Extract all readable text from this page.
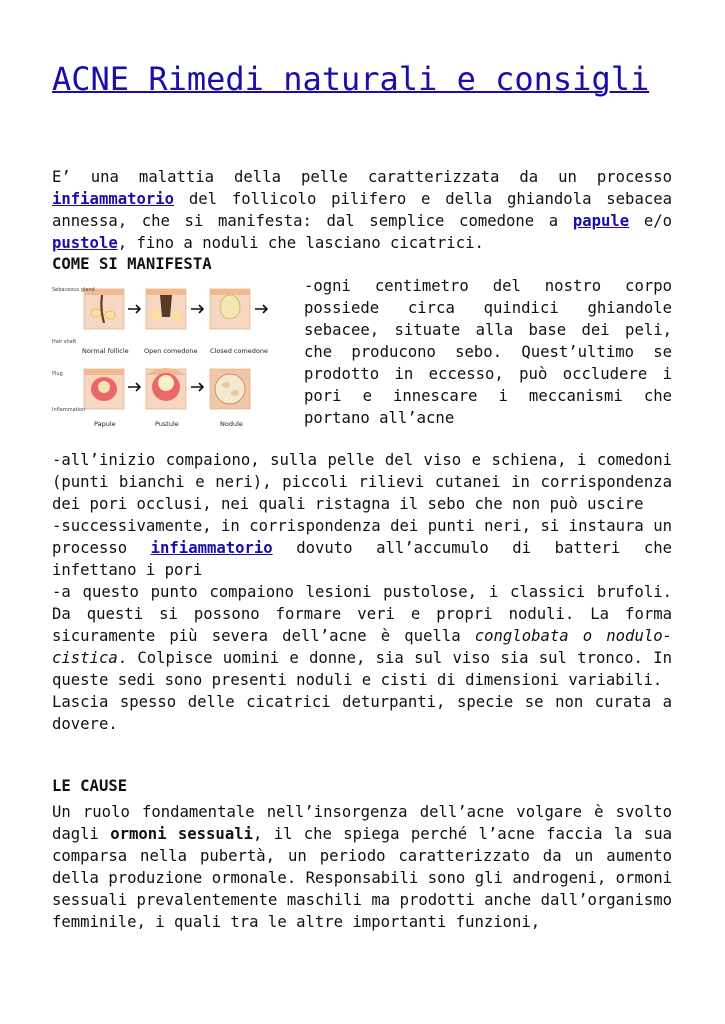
ACNE Rimedi naturali e consigli

E’ una malattia della pelle caratterizzata da un processo infiammatorio del follicolo pilifero e della ghiandola sebacea annessa, che si manifesta: dal semplice comedone a papule e/o pustole, fino a noduli che lasciano cicatrici.

COME SI MANIFESTA

Sebaceous gland
Hair shaft
Normal follicle Open comedone Closed comedone
Plug
Inflammation
Papule	Pustule	Nodule

-ogni centimetro del nostro corpo possiede circa quindici ghiandole sebacee, situate alla base dei peli, che producono sebo. Quest’ultimo se prodotto in eccesso, può occludere i pori e innescare i meccanismi che portano all’acne

-all’inizio compaiono, sulla pelle del viso e schiena, i comedoni (punti bianchi e neri), piccoli rilievi cutanei in corrispondenza dei pori occlusi, nei quali ristagna il sebo che non può uscire

-successivamente, in corrispondenza dei punti neri, si instaura un processo infiammatorio dovuto all’accumulo di batteri che infettano i pori

-a questo punto compaiono lesioni pustolose, i classici brufoli. Da questi si possono formare veri e propri noduli. La forma sicuramente più severa dell’acne è quella conglobata o nodulo-cistica. Colpisce uomini e donne, sia sul viso sia sul tronco. In queste sedi sono presenti noduli e cisti di dimensioni variabili.

Lascia spesso delle cicatrici deturpanti, specie se non curata a dovere.

LE CAUSE

Un ruolo fondamentale nell’insorgenza dell’acne volgare è svolto dagli ormoni sessuali, il che spiega perché l’acne faccia la sua comparsa nella pubertà, un periodo caratterizzato da un aumento della produzione ormonale. Responsabili sono gli androgeni, ormoni sessuali prevalentemente maschili ma prodotti anche dall’organismo femminile, i quali tra le altre importanti funzioni,
